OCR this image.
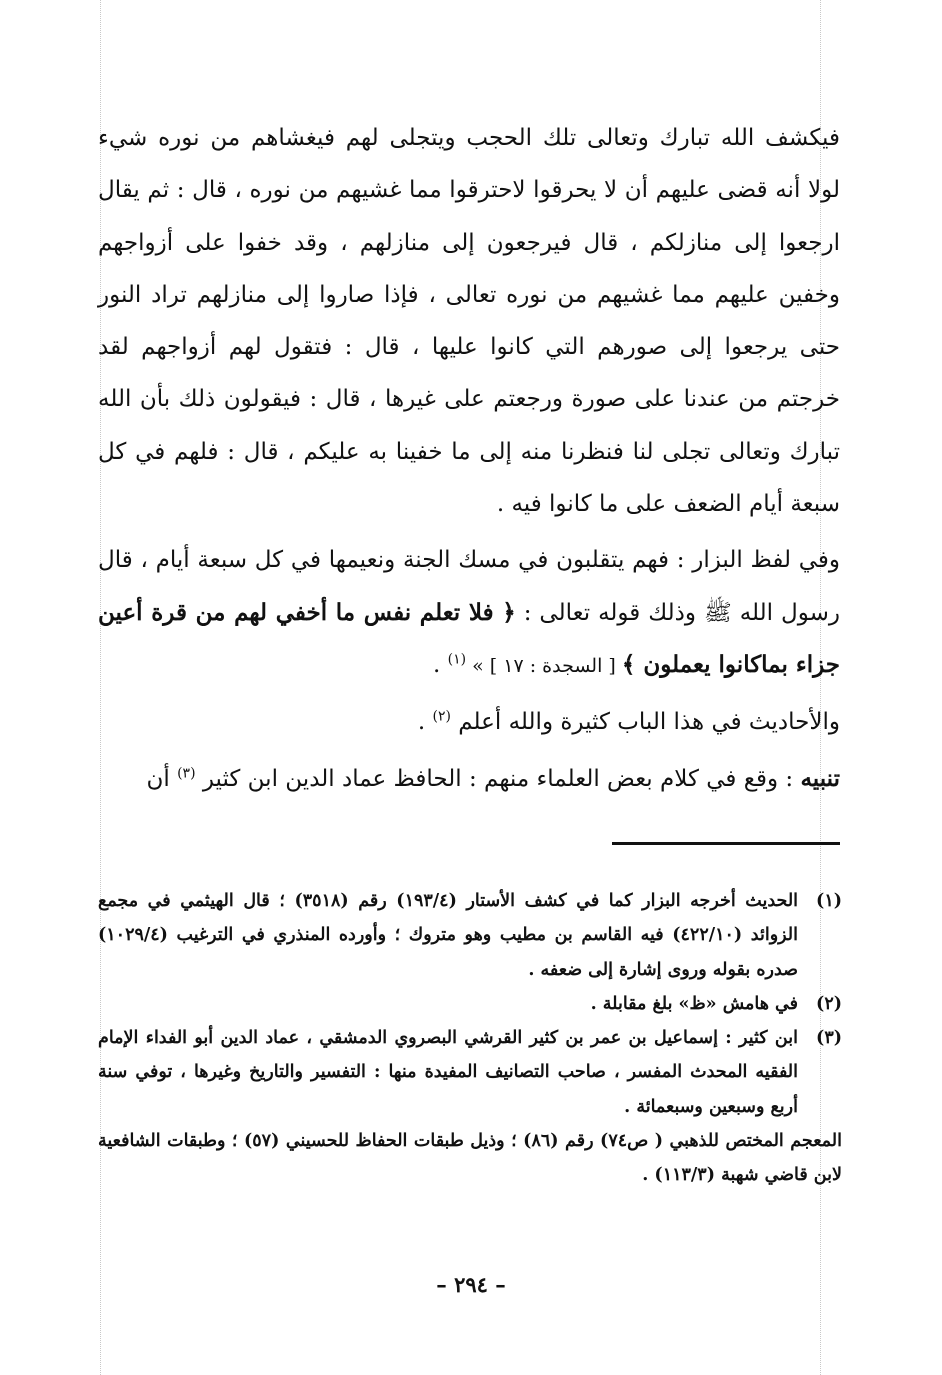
فيكشف الله تبارك وتعالى تلك الحجب ويتجلى لهم فيغشاهم من نوره شيء لولا أنه قضى عليهم أن لا يحرقوا لاحترقوا مما غشيهم من نوره ، قال : ثم يقال ارجعوا إلى منازلكم ، قال فيرجعون إلى منازلهم ، وقد خفوا على أزواجهم وخفين عليهم مما غشيهم من نوره تعالى ، فإذا صاروا إلى منازلهم تراد النور حتى يرجعوا إلى صورهم التي كانوا عليها ، قال : فتقول لهم أزواجهم لقد خرجتم من عندنا على صورة ورجعتم على غيرها ، قال : فيقولون ذلك بأن الله تبارك وتعالى تجلى لنا فنظرنا منه إلى ما خفينا به عليكم ، قال : فلهم في كل سبعة أيام الضعف على ما كانوا فيه .

وفي لفظ البزار : فهم يتقلبون في مسك الجنة ونعيمها في كل سبعة أيام ، قال رسول الله ﷺ وذلك قوله تعالى : ﴿ فلا تعلم نفس ما أخفي لهم من قرة أعين جزاء بماكانوا يعملون ﴾ [ السجدة : ١٧ ] » $^{(١)}$ .

والأحاديث في هذا الباب كثيرة والله أعلم $^{(٢)}$ .

تنبيه : وقع في كلام بعض العلماء منهم : الحافظ عماد الدين ابن كثير $^{(٣)}$ أن

(١)
الحديث أخرجه البزار كما في كشف الأستار (١٩٣/٤) رقم (٣٥١٨) ؛ قال الهيثمي في مجمع الزوائد (٤٢٢/١٠) فيه القاسم بن مطيب وهو متروك ؛ وأورده المنذري في الترغيب (١٠٢٩/٤) صدره بقوله وروى إشارة إلى ضعفه .
(٢)
في هامش «ظ» بلغ مقابلة .
(٣)
ابن كثير : إسماعيل بن عمر بن كثير القرشي البصروي الدمشقي ، عماد الدين أبو الفداء الإمام الفقيه المحدث المفسر ، صاحب التصانيف المفيدة منها : التفسير والتاريخ وغيرها ، توفي سنة أربع وسبعين وسبعمائة .

المعجم المختص للذهبي ( ص٧٤) رقم (٨٦) ؛ وذيل طبقات الحفاظ للحسيني (٥٧) ؛ وطبقات الشافعية لابن قاضي شهبة (١١٣/٣) .

– ٢٩٤ –
